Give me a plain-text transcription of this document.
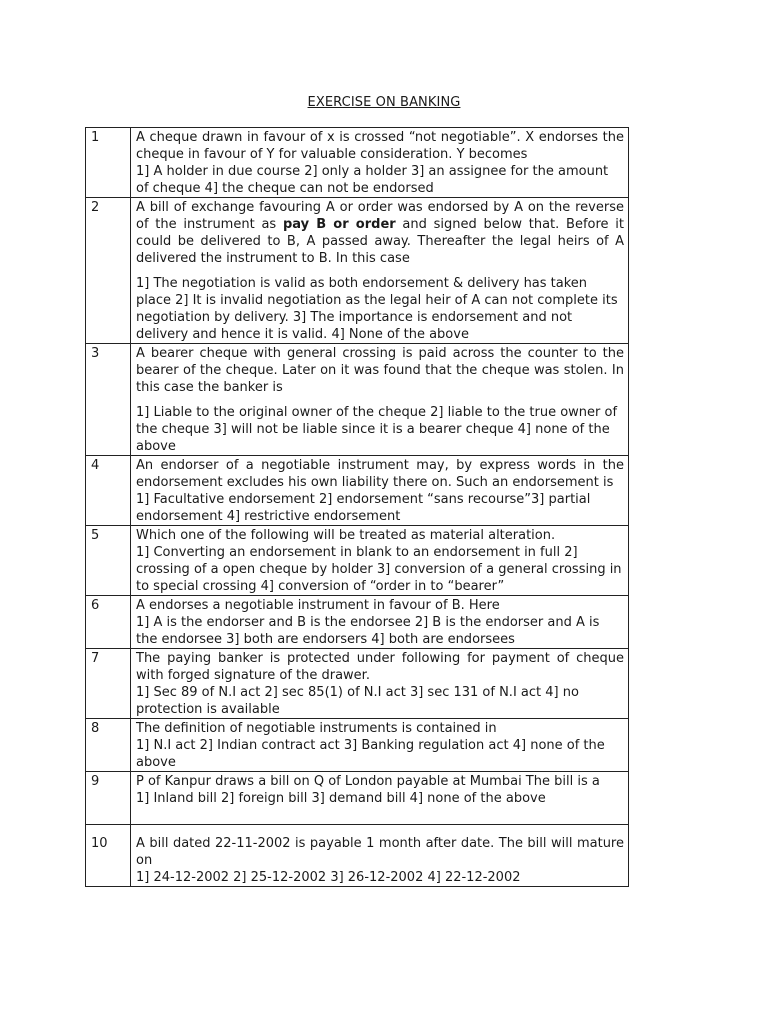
EXERCISE ON BANKING
1	A cheque drawn in favour of x is crossed “not negotiable”. X endorses the cheque in favour of Y for valuable consideration. Y becomes
1] A holder in due course 2] only a holder 3] an assignee for the amount of cheque 4] the cheque can not be endorsed

2	A bill of exchange favouring A or order was endorsed by A on the reverse of the instrument as pay B or order and signed below that. Before it could be delivered to B, A passed away. Thereafter the legal heirs of A delivered the instrument to B. In this case
1] The negotiation is valid as both endorsement & delivery has taken place 2] It is invalid negotiation as the legal heir of A can not complete its negotiation by delivery. 3] The importance is endorsement and not delivery and hence it is valid. 4] None of the above

3	A bearer cheque with general crossing is paid across the counter to the bearer of the cheque. Later on it was found that the cheque was stolen. In this case the banker is
1] Liable to the original owner of the cheque 2] liable to the true owner of the cheque 3] will not be liable since it is a bearer cheque 4] none of the above

4	An endorser of a negotiable instrument may, by express words in the endorsement excludes his own liability there on. Such an endorsement is
1] Facultative endorsement 2] endorsement “sans recourse”3] partial endorsement 4] restrictive endorsement

5	Which one of the following will be treated as material alteration.
1] Converting an endorsement in blank to an endorsement in full 2] crossing of a open cheque by holder 3] conversion of a general crossing in to special crossing 4] conversion of “order in to “bearer”

6	A endorses a negotiable instrument in favour of B. Here
1] A is the endorser and B is the endorsee 2] B is the endorser and A is the endorsee 3] both are endorsers 4] both are endorsees

7	The paying banker is protected under following for payment of cheque with forged signature of the drawer.
1] Sec 89 of N.I act 2] sec 85(1) of N.I act 3] sec 131 of N.I act 4] no protection is available

8	The definition of negotiable instruments is contained in
1] N.I act 2] Indian contract act 3] Banking regulation act 4] none of the above

9	P of Kanpur draws a bill on Q of London payable at Mumbai The bill is a
1] Inland bill 2] foreign bill 3] demand bill 4] none of the above

10	A bill dated 22-11-2002 is payable 1 month after date. The bill will mature on
1] 24-12-2002 2] 25-12-2002 3] 26-12-2002 4] 22-12-2002
